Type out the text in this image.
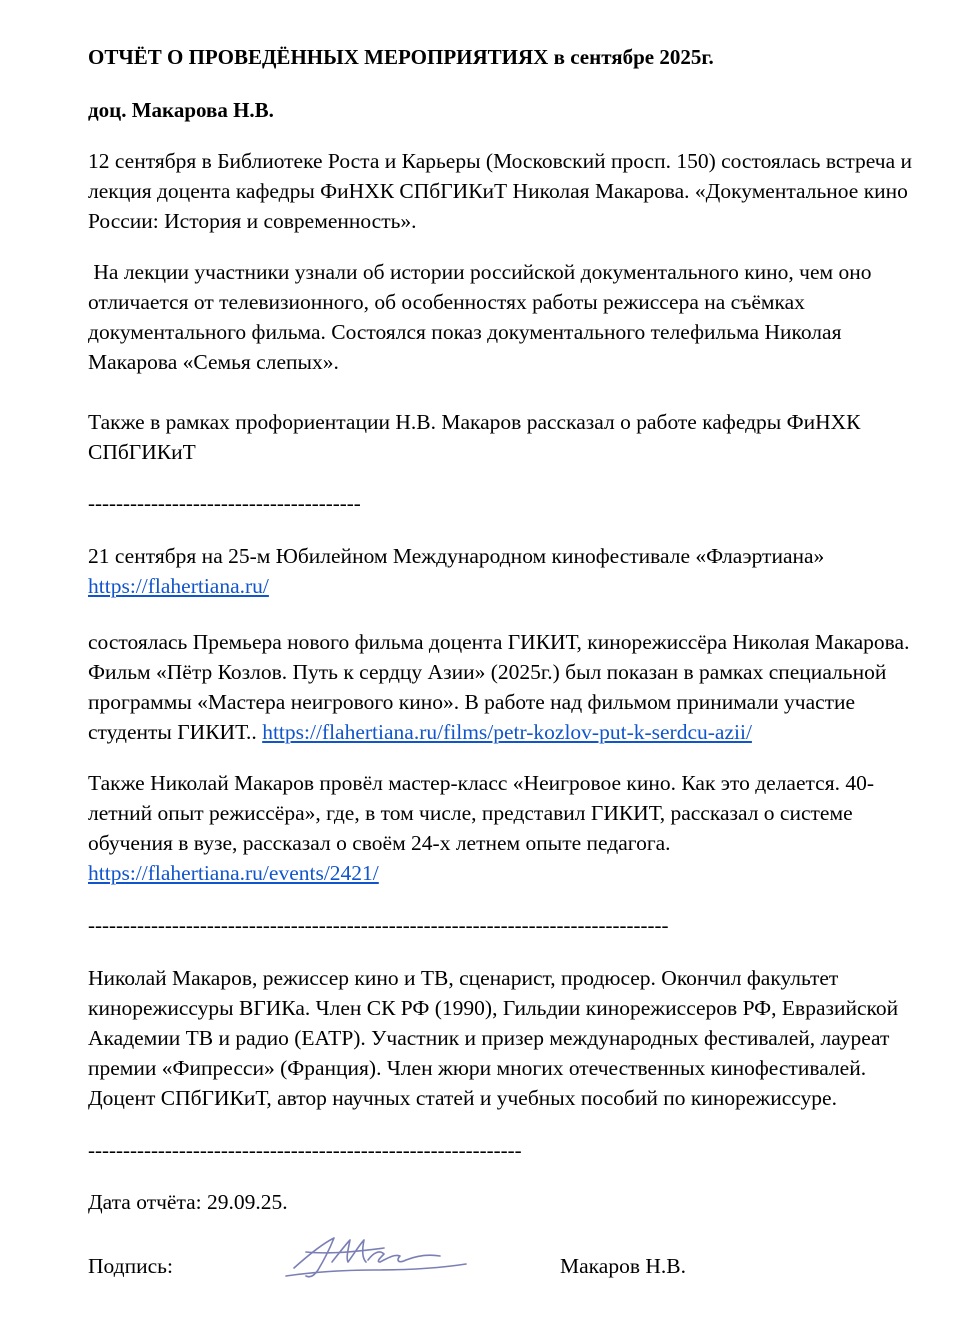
ОТЧЁТ О ПРОВЕДЁННЫХ МЕРОПРИЯТИЯХ в сентябре 2025г.
доц. Макарова Н.В.

12 сентября в Библиотеке Роста и Карьеры (Московский просп. 150) состоялась встреча и лекция доцента кафедры ФиНХК СПбГИКиТ Николая Макарова. «Документальное кино России: История и современность».

На лекции участники узнали об истории российской документального кино, чем оно отличается от телевизионного, об особенностях работы режиссера на съёмках документального фильма. Состоялся показ документального телефильма Николая Макарова «Семья слепых».

Также в рамках профориентации Н.В. Макаров рассказал о работе кафедры ФиНХК СПбГИКиТ

---------------------------------------

21 сентября на 25-м Юбилейном Международном кинофестивале «Флаэртиана» https://flahertiana.ru/

состоялась Премьера нового фильма доцента ГИКИТ, кинорежиссёра Николая Макарова. Фильм «Пётр Козлов. Путь к сердцу Азии» (2025г.) был показан в рамках специальной программы «Мастера неигрового кино». В работе над фильмом принимали участие студенты ГИКИТ.. https://flahertiana.ru/films/petr-kozlov-put-k-serdcu-azii/

Также Николай Макаров провёл мастер-класс «Неигровое кино. Как это делается. 40-летний опыт режиссёра», где, в том числе, представил ГИКИТ, рассказал о системе обучения в вузе, рассказал о своём 24-х летнем опыте педагога. https://flahertiana.ru/events/2421/

-----------------------------------------------------------------------------------

Николай Макаров, режиссер кино и ТВ, сценарист, продюсер. Окончил факультет кинорежиссуры ВГИКа. Член СК РФ (1990), Гильдии кинорежиссеров РФ, Евразийской Академии ТВ и радио (ЕАТР). Участник и призер международных фестивалей, лауреат премии «Фипресси» (Франция). Член жюри многих отечественных кинофестивалей. Доцент СПбГИКиТ, автор научных статей и учебных пособий по кинорежиссуре.

--------------------------------------------------------------

Дата отчёта: 29.09.25.

Подпись:	Макаров Н.В.
